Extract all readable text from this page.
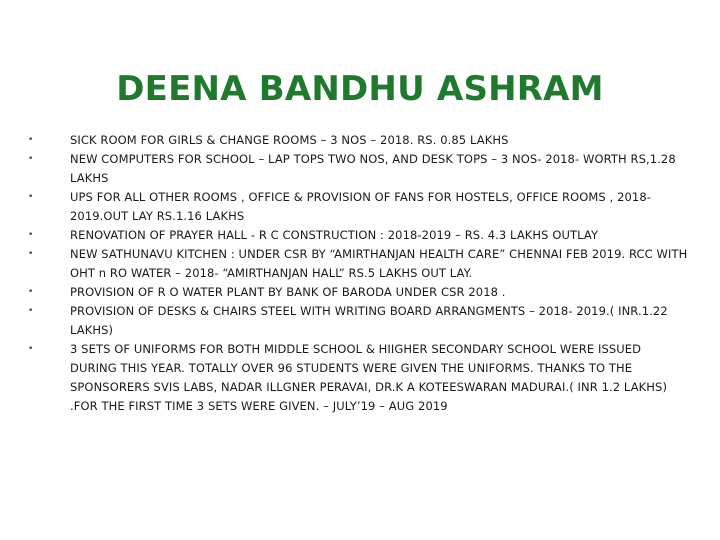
DEENA BANDHU ASHRAM
•	SICK ROOM FOR GIRLS & CHANGE ROOMS – 3 NOS – 2018. RS. 0.85 LAKHS
•	NEW COMPUTERS FOR SCHOOL – LAP TOPS TWO NOS, AND DESK TOPS – 3 NOS- 2018- WORTH RS,1.28 LAKHS
•	UPS FOR ALL OTHER ROOMS , OFFICE & PROVISION OF FANS FOR HOSTELS, OFFICE ROOMS , 2018-2019.OUT LAY RS.1.16 LAKHS
•	RENOVATION OF PRAYER HALL - R C CONSTRUCTION : 2018-2019 – RS. 4.3 LAKHS OUTLAY
•	NEW SATHUNAVU KITCHEN : UNDER CSR BY “AMIRTHANJAN HEALTH CARE” CHENNAI FEB 2019. RCC WITH OHT n RO WATER – 2018- “AMIRTHANJAN HALL” RS.5 LAKHS OUT LAY.
•	PROVISION OF R O WATER PLANT BY BANK OF BARODA UNDER CSR 2018 .
•	PROVISION OF DESKS & CHAIRS STEEL WITH WRITING BOARD ARRANGMENTS – 2018- 2019.( INR.1.22 LAKHS)
•	3 SETS OF UNIFORMS FOR BOTH MIDDLE SCHOOL & HIIGHER SECONDARY SCHOOL WERE ISSUED DURING THIS YEAR. TOTALLY OVER 96 STUDENTS WERE GIVEN THE UNIFORMS. THANKS TO THE SPONSORERS SVIS LABS, NADAR ILLGNER PERAVAI, DR.K A KOTEESWARAN MADURAI.( INR 1.2 LAKHS) .FOR THE FIRST TIME 3 SETS WERE GIVEN. – JULY’19 – AUG 2019
